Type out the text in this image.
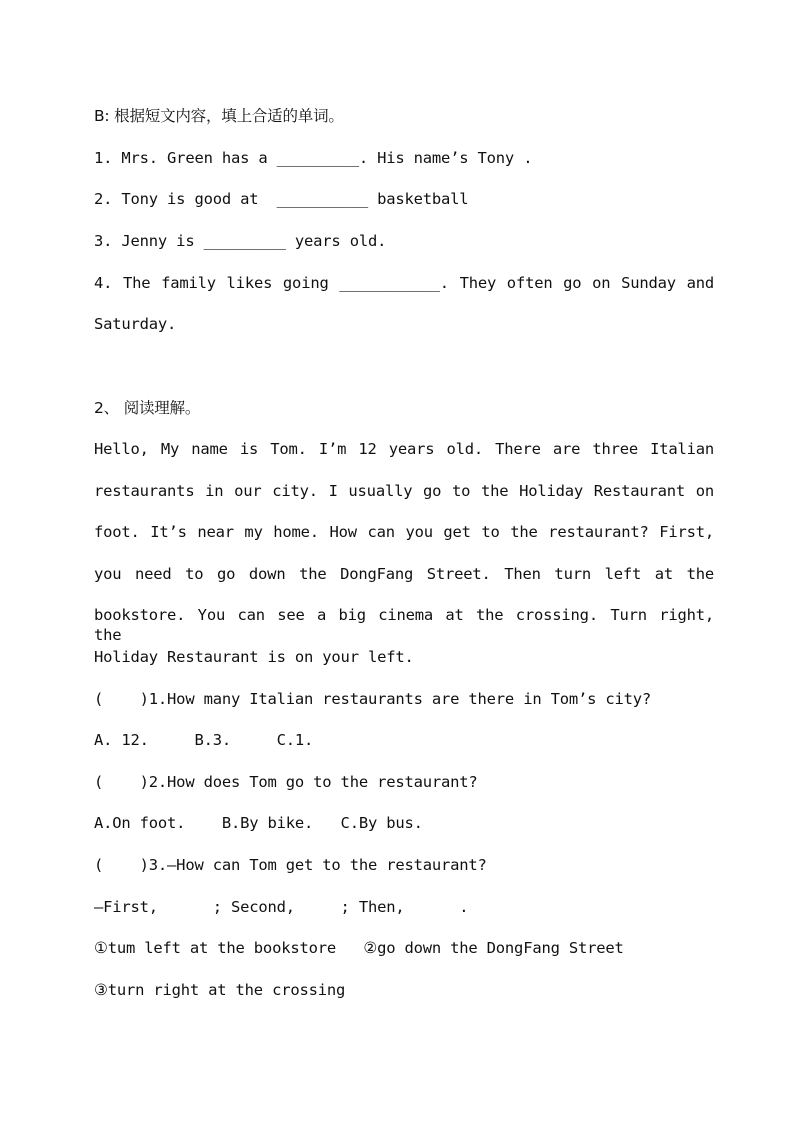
B: 根据短文内容，填上合适的单词。
1. Mrs. Green has a _________. His name’s Tony .
2. Tony is good at  __________ basketball
3. Jenny is _________ years old.
4. The family likes going ___________. They often go on Sunday and
Saturday.
2、 阅读理解。
Hello, My name is Tom. I’m 12 years old. There are three Italian
restaurants in our city. I usually go to the Holiday Restaurant on
foot. It’s near my home. How can you get to the restaurant? First,
you need to go down the DongFang Street. Then turn left at the
bookstore. You can see a big cinema at the crossing. Turn right, the
Holiday Restaurant is on your left.
(    )1.How many Italian restaurants are there in Tom’s city?
A. 12.     B.3.     C.1.
(    )2.How does Tom go to the restaurant?
A.On foot.    B.By bike.   C.By bus.
(    )3.—How can Tom get to the restaurant?
—First,      ; Second,     ; Then,      .
①tum left at the bookstore   ②go down the DongFang Street
③turn right at the crossing
